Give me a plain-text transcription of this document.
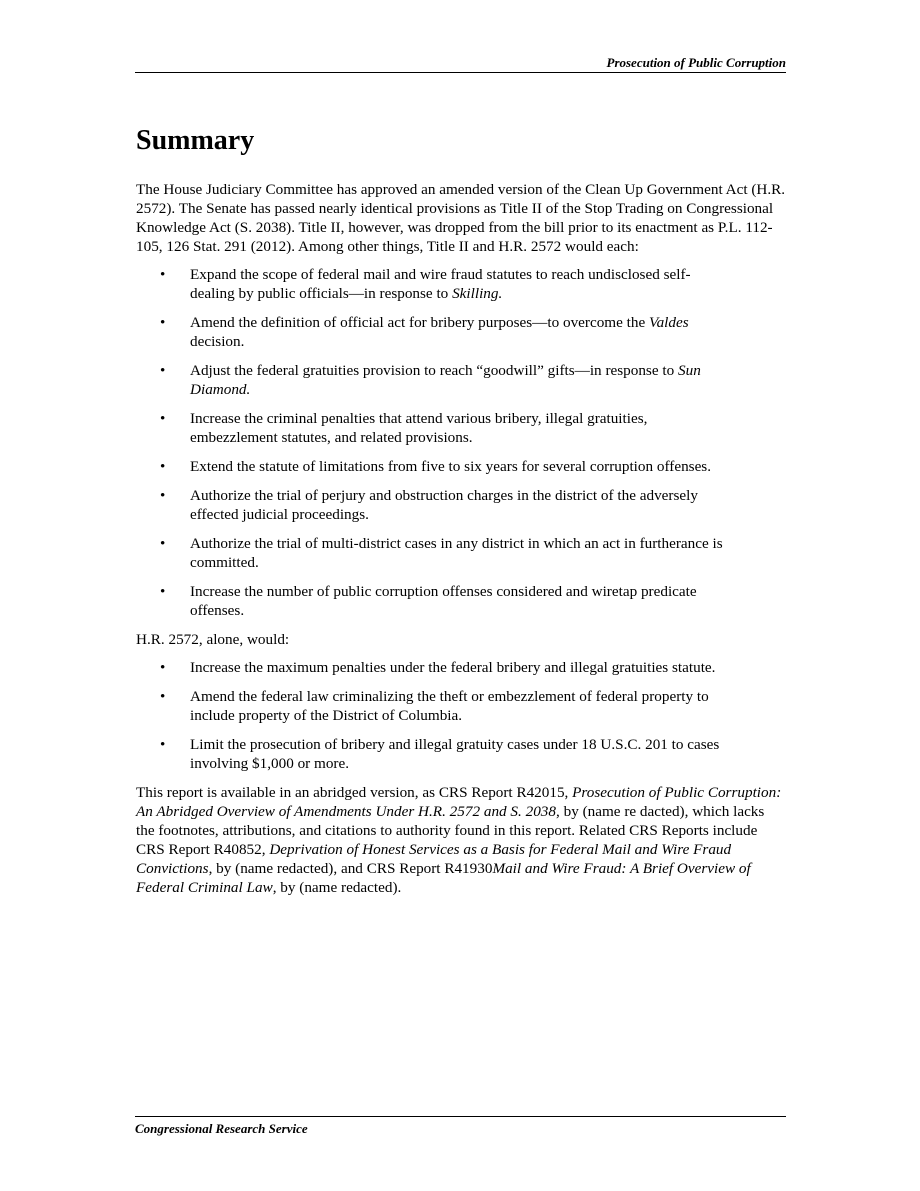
Prosecution of Public Corruption
Summary

The House Judiciary Committee has approved an amended version of the Clean Up Government Act (H.R. 2572). The Senate has passed nearly identical provisions as Title II of the Stop Trading on Congressional Knowledge Act (S. 2038). Title II, however, was dropped from the bill prior to its enactment as P.L. 112-105, 126 Stat. 291 (2012). Among other things, Title II and H.R. 2572 would each:

• Expand the scope of federal mail and wire fraud statutes to reach undisclosed self-dealing by public officials—in response to Skilling.
• Amend the definition of official act for bribery purposes—to overcome the Valdes decision.
• Adjust the federal gratuities provision to reach “goodwill” gifts—in response to Sun Diamond.
• Increase the criminal penalties that attend various bribery, illegal gratuities, embezzlement statutes, and related provisions.
• Extend the statute of limitations from five to six years for several corruption offenses.
• Authorize the trial of perjury and obstruction charges in the district of the adversely effected judicial proceedings.
• Authorize the trial of multi-district cases in any district in which an act in furtherance is committed.
• Increase the number of public corruption offenses considered and wiretap predicate offenses.

H.R. 2572, alone, would:

• Increase the maximum penalties under the federal bribery and illegal gratuities statute.
• Amend the federal law criminalizing the theft or embezzlement of federal property to include property of the District of Columbia.
• Limit the prosecution of bribery and illegal gratuity cases under 18 U.S.C. 201 to cases involving $1,000 or more.

This report is available in an abridged version, as CRS Report R42015, Prosecution of Public Corruption: An Abridged Overview of Amendments Under H.R. 2572 and S. 2038, by (name re dacted), which lacks the footnotes, attributions, and citations to authority found in this report. Related CRS Reports include CRS Report R40852, Deprivation of Honest Services as a Basis for Federal Mail and Wire Fraud Convictions, by (name redacted), and CRS Report R41930Mail and Wire Fraud: A Brief Overview of Federal Criminal Law, by (name redacted).

Congressional Research Service
